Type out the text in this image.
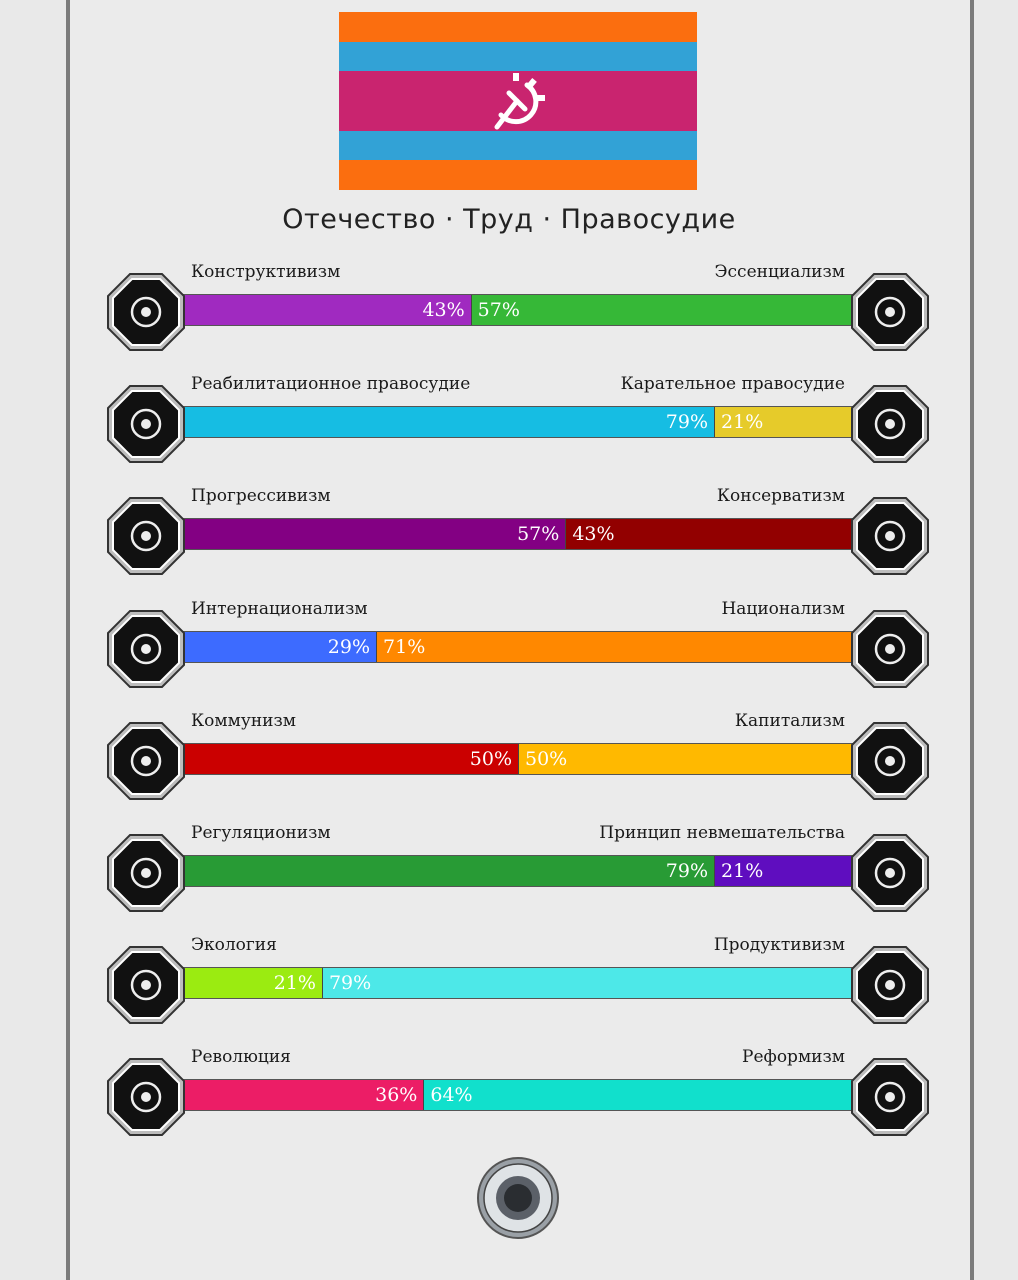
Отечество · Труд · Правосудие
Конструктивизм	Эссенциализм
43% 57%
Реабилитационное правосудие	Карательное правосудие
79% 21%
Прогрессивизм	Консерватизм
57% 43%
Интернационализм	Национализм
29% 71%
Коммунизм	Капитализм
50% 50%
Регуляционизм	Принцип невмешательства
79% 21%
Экология	Продуктивизм
21% 79%
Революция	Реформизм
36% 64%
